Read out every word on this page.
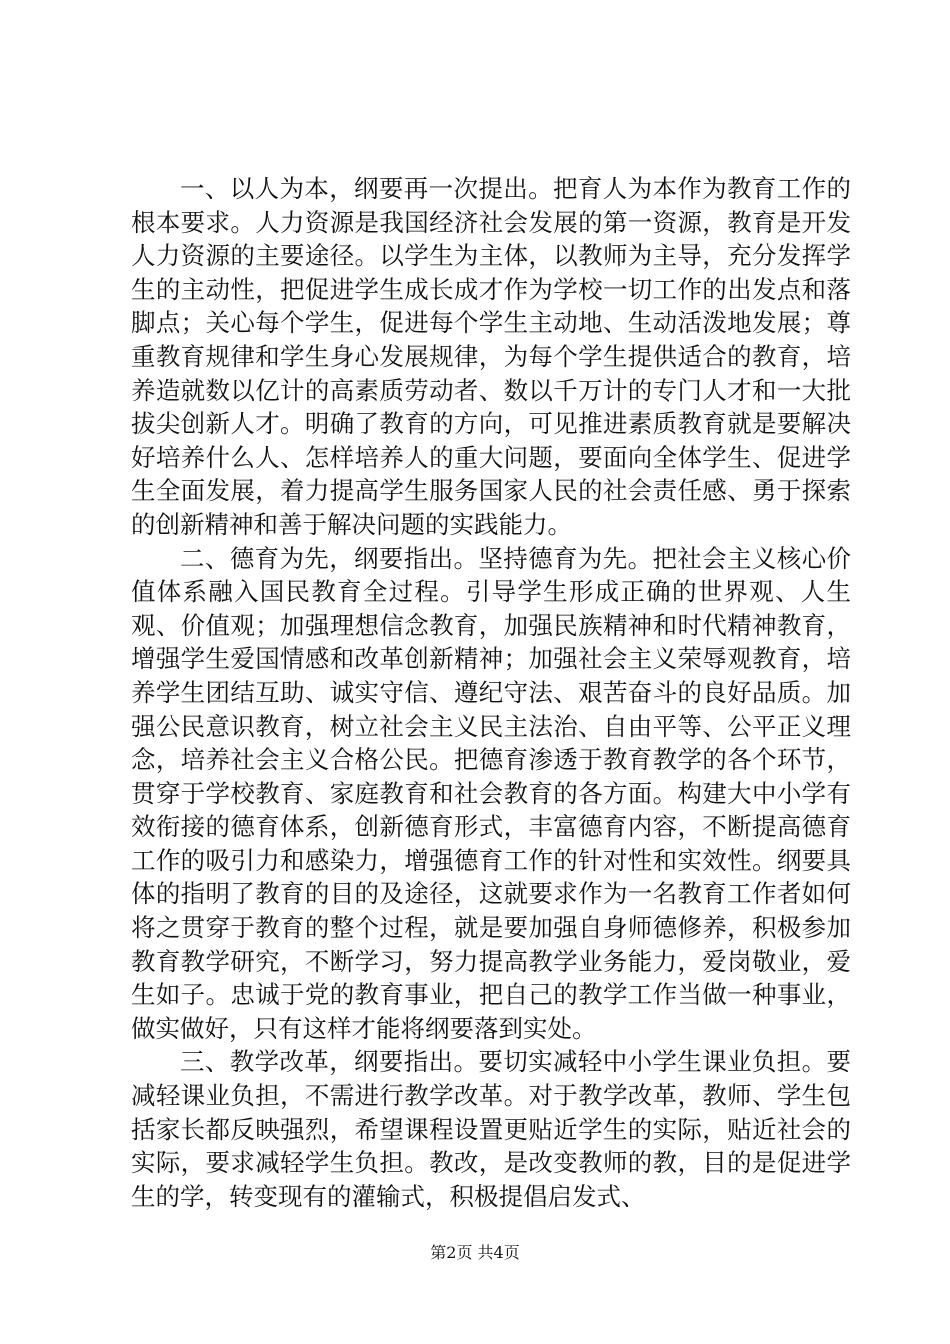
一、以人为本，纲要再一次提出。把育人为本作为教育工作的根本要求。人力资源是我国经济社会发展的第一资源，教育是开发人力资源的主要途径。以学生为主体，以教师为主导，充分发挥学生的主动性，把促进学生成长成才作为学校一切工作的出发点和落脚点；关心每个学生，促进每个学生主动地、生动活泼地发展；尊重教育规律和学生身心发展规律，为每个学生提供适合的教育，培养造就数以亿计的高素质劳动者、数以千万计的专门人才和一大批拔尖创新人才。明确了教育的方向，可见推进素质教育就是要解决好培养什么人、怎样培养人的重大问题，要面向全体学生、促进学生全面发展，着力提高学生服务国家人民的社会责任感、勇于探索的创新精神和善于解决问题的实践能力。

二、德育为先，纲要指出。坚持德育为先。把社会主义核心价值体系融入国民教育全过程。引导学生形成正确的世界观、人生观、价值观；加强理想信念教育，加强民族精神和时代精神教育，增强学生爱国情感和改革创新精神；加强社会主义荣辱观教育，培养学生团结互助、诚实守信、遵纪守法、艰苦奋斗的良好品质。加强公民意识教育，树立社会主义民主法治、自由平等、公平正义理念，培养社会主义合格公民。把德育渗透于教育教学的各个环节，贯穿于学校教育、家庭教育和社会教育的各方面。构建大中小学有效衔接的德育体系，创新德育形式，丰富德育内容，不断提高德育工作的吸引力和感染力，增强德育工作的针对性和实效性。纲要具体的指明了教育的目的及途径，这就要求作为一名教育工作者如何将之贯穿于教育的整个过程，就是要加强自身师德修养，积极参加教育教学研究，不断学习，努力提高教学业务能力，爱岗敬业，爱生如子。忠诚于党的教育事业，把自己的教学工作当做一种事业，做实做好，只有这样才能将纲要落到实处。

三、教学改革，纲要指出。要切实减轻中小学生课业负担。要减轻课业负担，不需进行教学改革。对于教学改革，教师、学生包括家长都反映强烈，希望课程设置更贴近学生的实际，贴近社会的实际，要求减轻学生负担。教改，是改变教师的教，目的是促进学生的学，转变现有的灌输式，积极提倡启发式、

第2页 共4页
